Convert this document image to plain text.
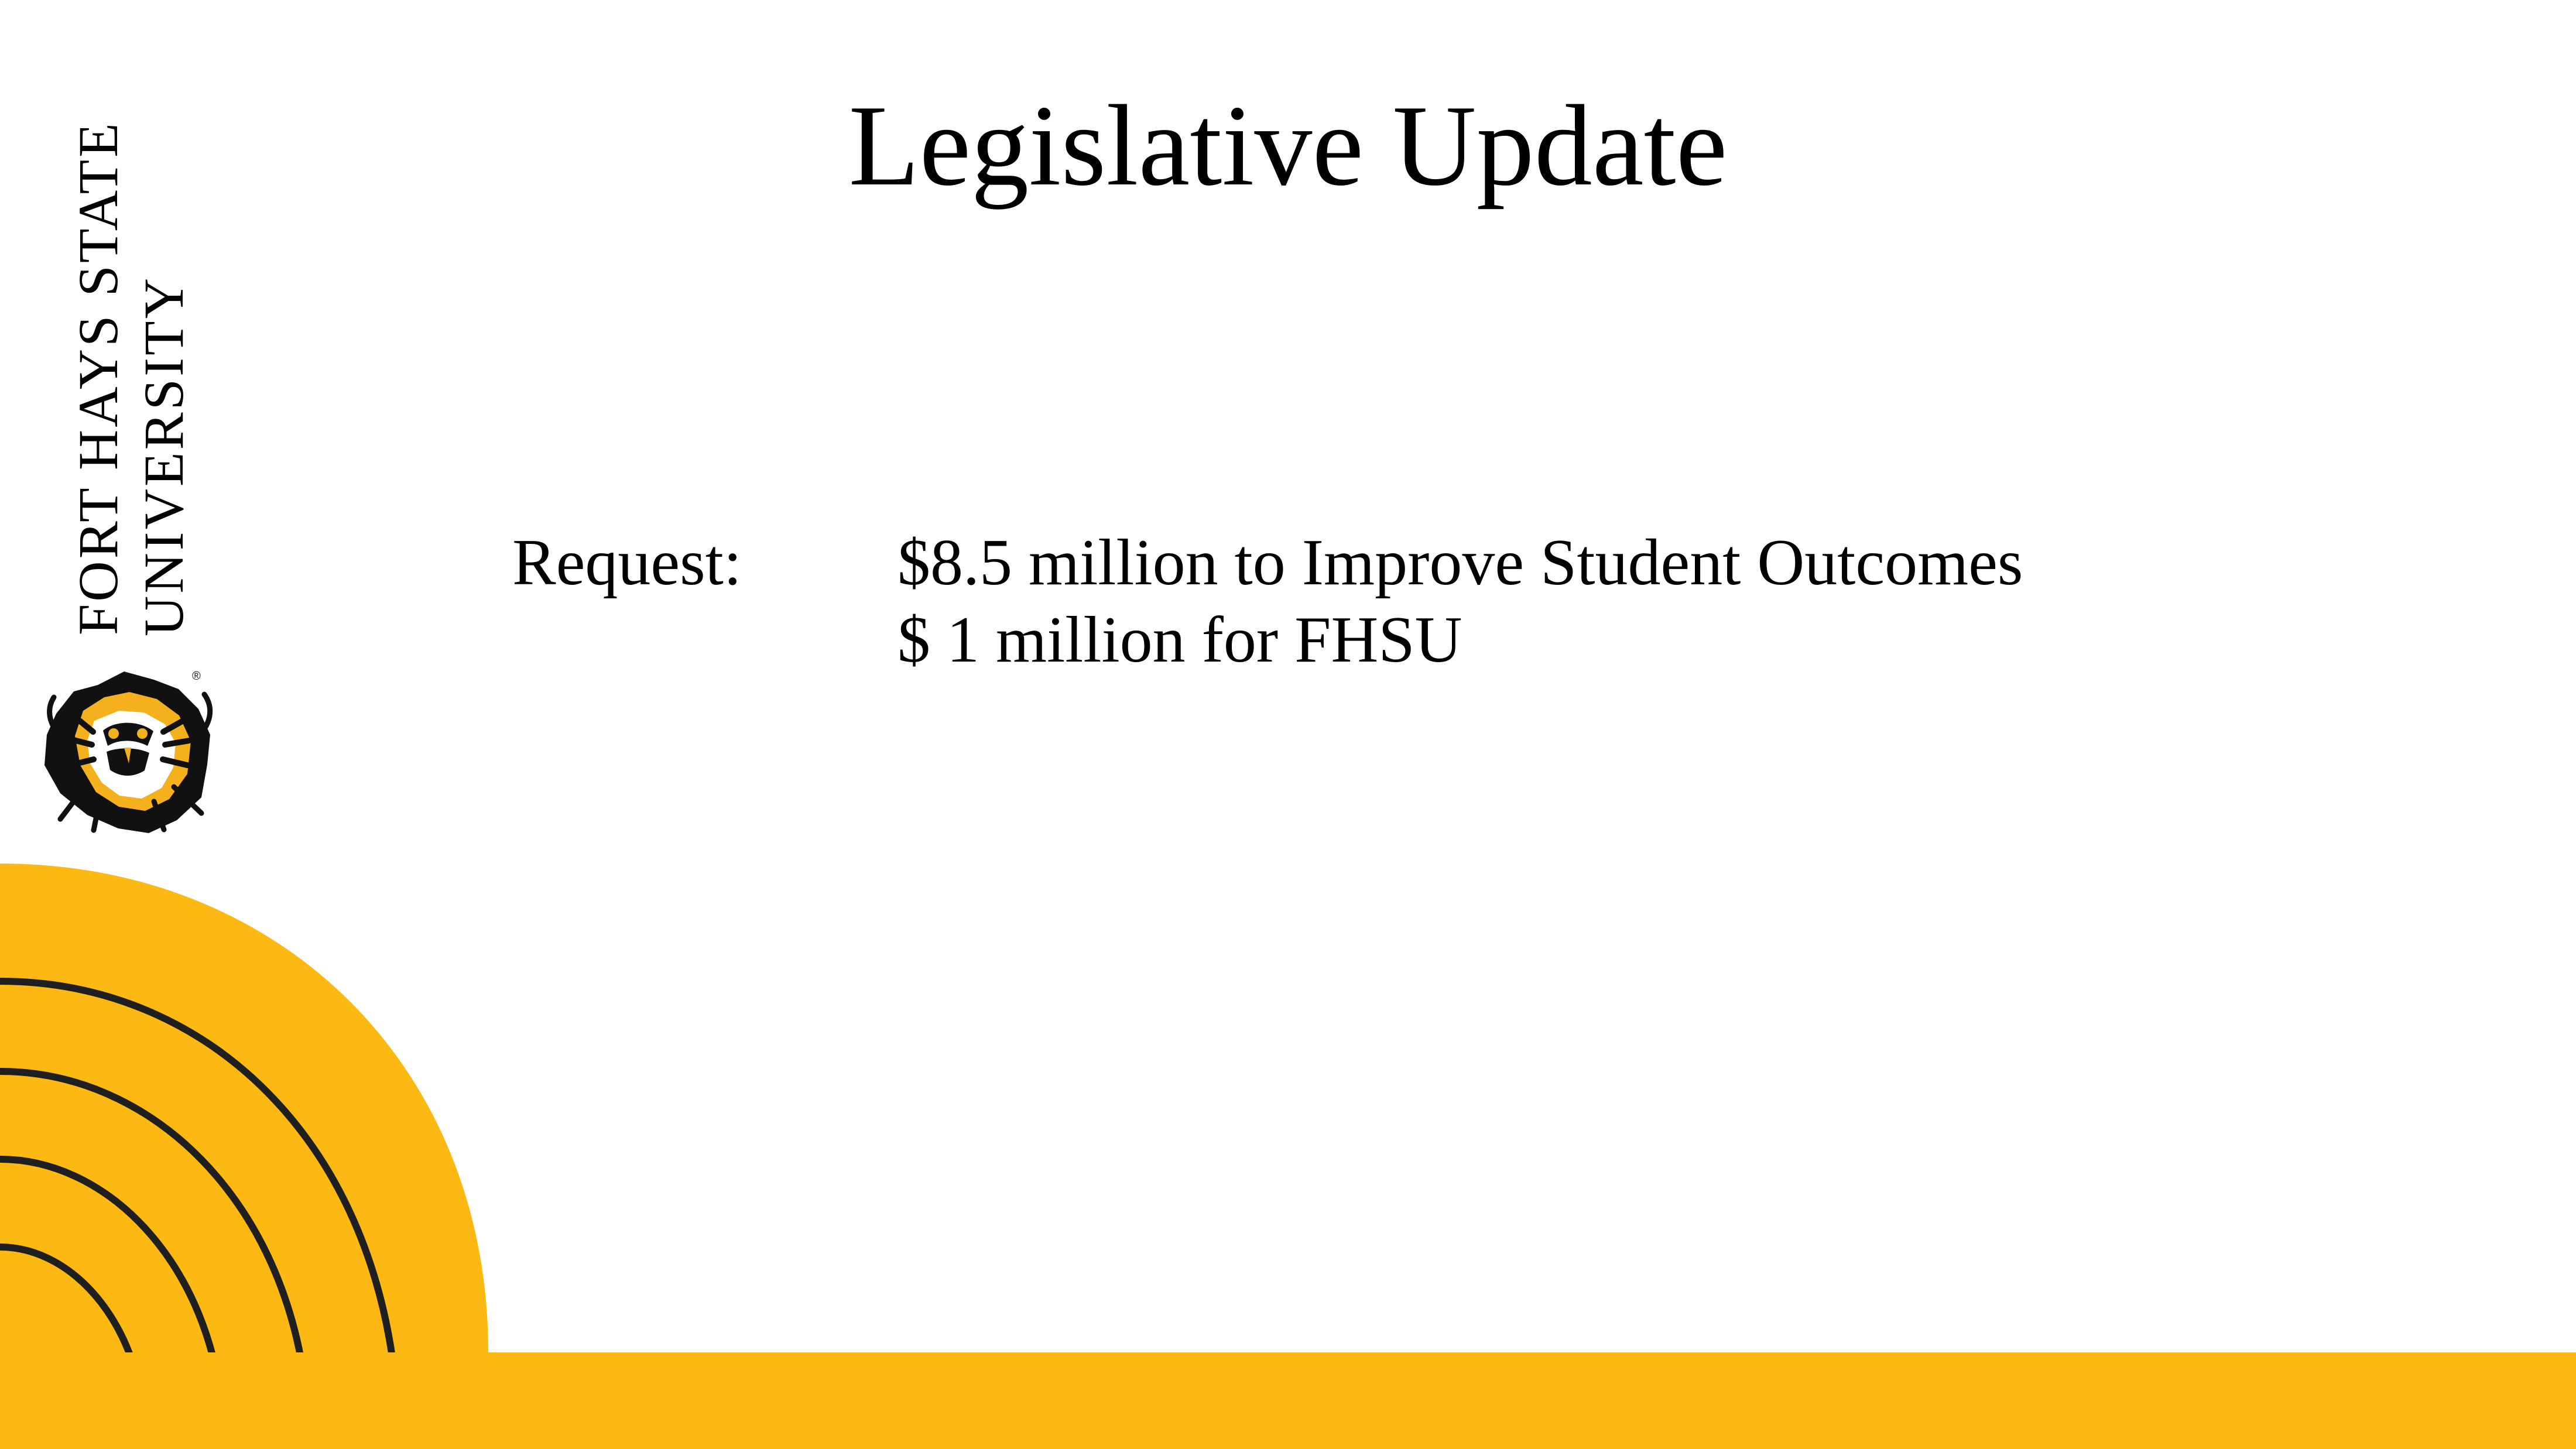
Legislative Update
FORT HAYS STATE UNIVERSITY
®
Request: $8.5 million to Improve Student Outcomes
$ 1 million for FHSU
